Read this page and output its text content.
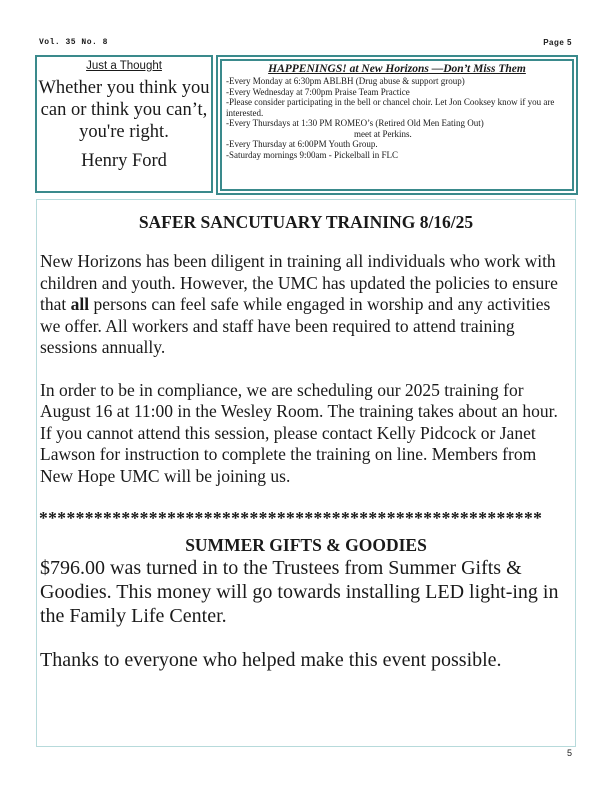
Vol. 35 No. 8	Page 5
Just a Thought
Whether you think you can or think you can’t, you're right.
Henry Ford
HAPPENINGS! at New Horizons —Don’t Miss Them
-Every Monday at 6:30pm ABLBH (Drug abuse & support group)
-Every Wednesday at 7:00pm Praise Team Practice
-Please consider participating in the bell or chancel choir. Let Jon Cooksey know if you are interested.
-Every Thursdays at 1:30 PM ROMEO’s (Retired Old Men Eating Out)
meet at Perkins.
-Every Thursday at 6:00PM Youth Group.
-Saturday mornings 9:00am - Pickelball in FLC
SAFER SANCUTUARY TRAINING 8/16/25
New Horizons has been diligent in training all individuals who work with children and youth. However, the UMC has updated the policies to ensure that all persons can feel safe while engaged in worship and any activities we offer. All workers and staff have been required to attend training sessions annually.
In order to be in compliance, we are scheduling our 2025 training for August 16 at 11:00 in the Wesley Room. The training takes about an hour. If you cannot attend this session, please contact Kelly Pidcock or Janet Lawson for instruction to complete the training on line. Members from New Hope UMC will be joining us.
*******************************************************
SUMMER GIFTS & GOODIES
$796.00 was turned in to the Trustees from Summer Gifts & Goodies. This money will go towards installing LED light-ing in the Family Life Center.
Thanks to everyone who helped make this event possible.
5
